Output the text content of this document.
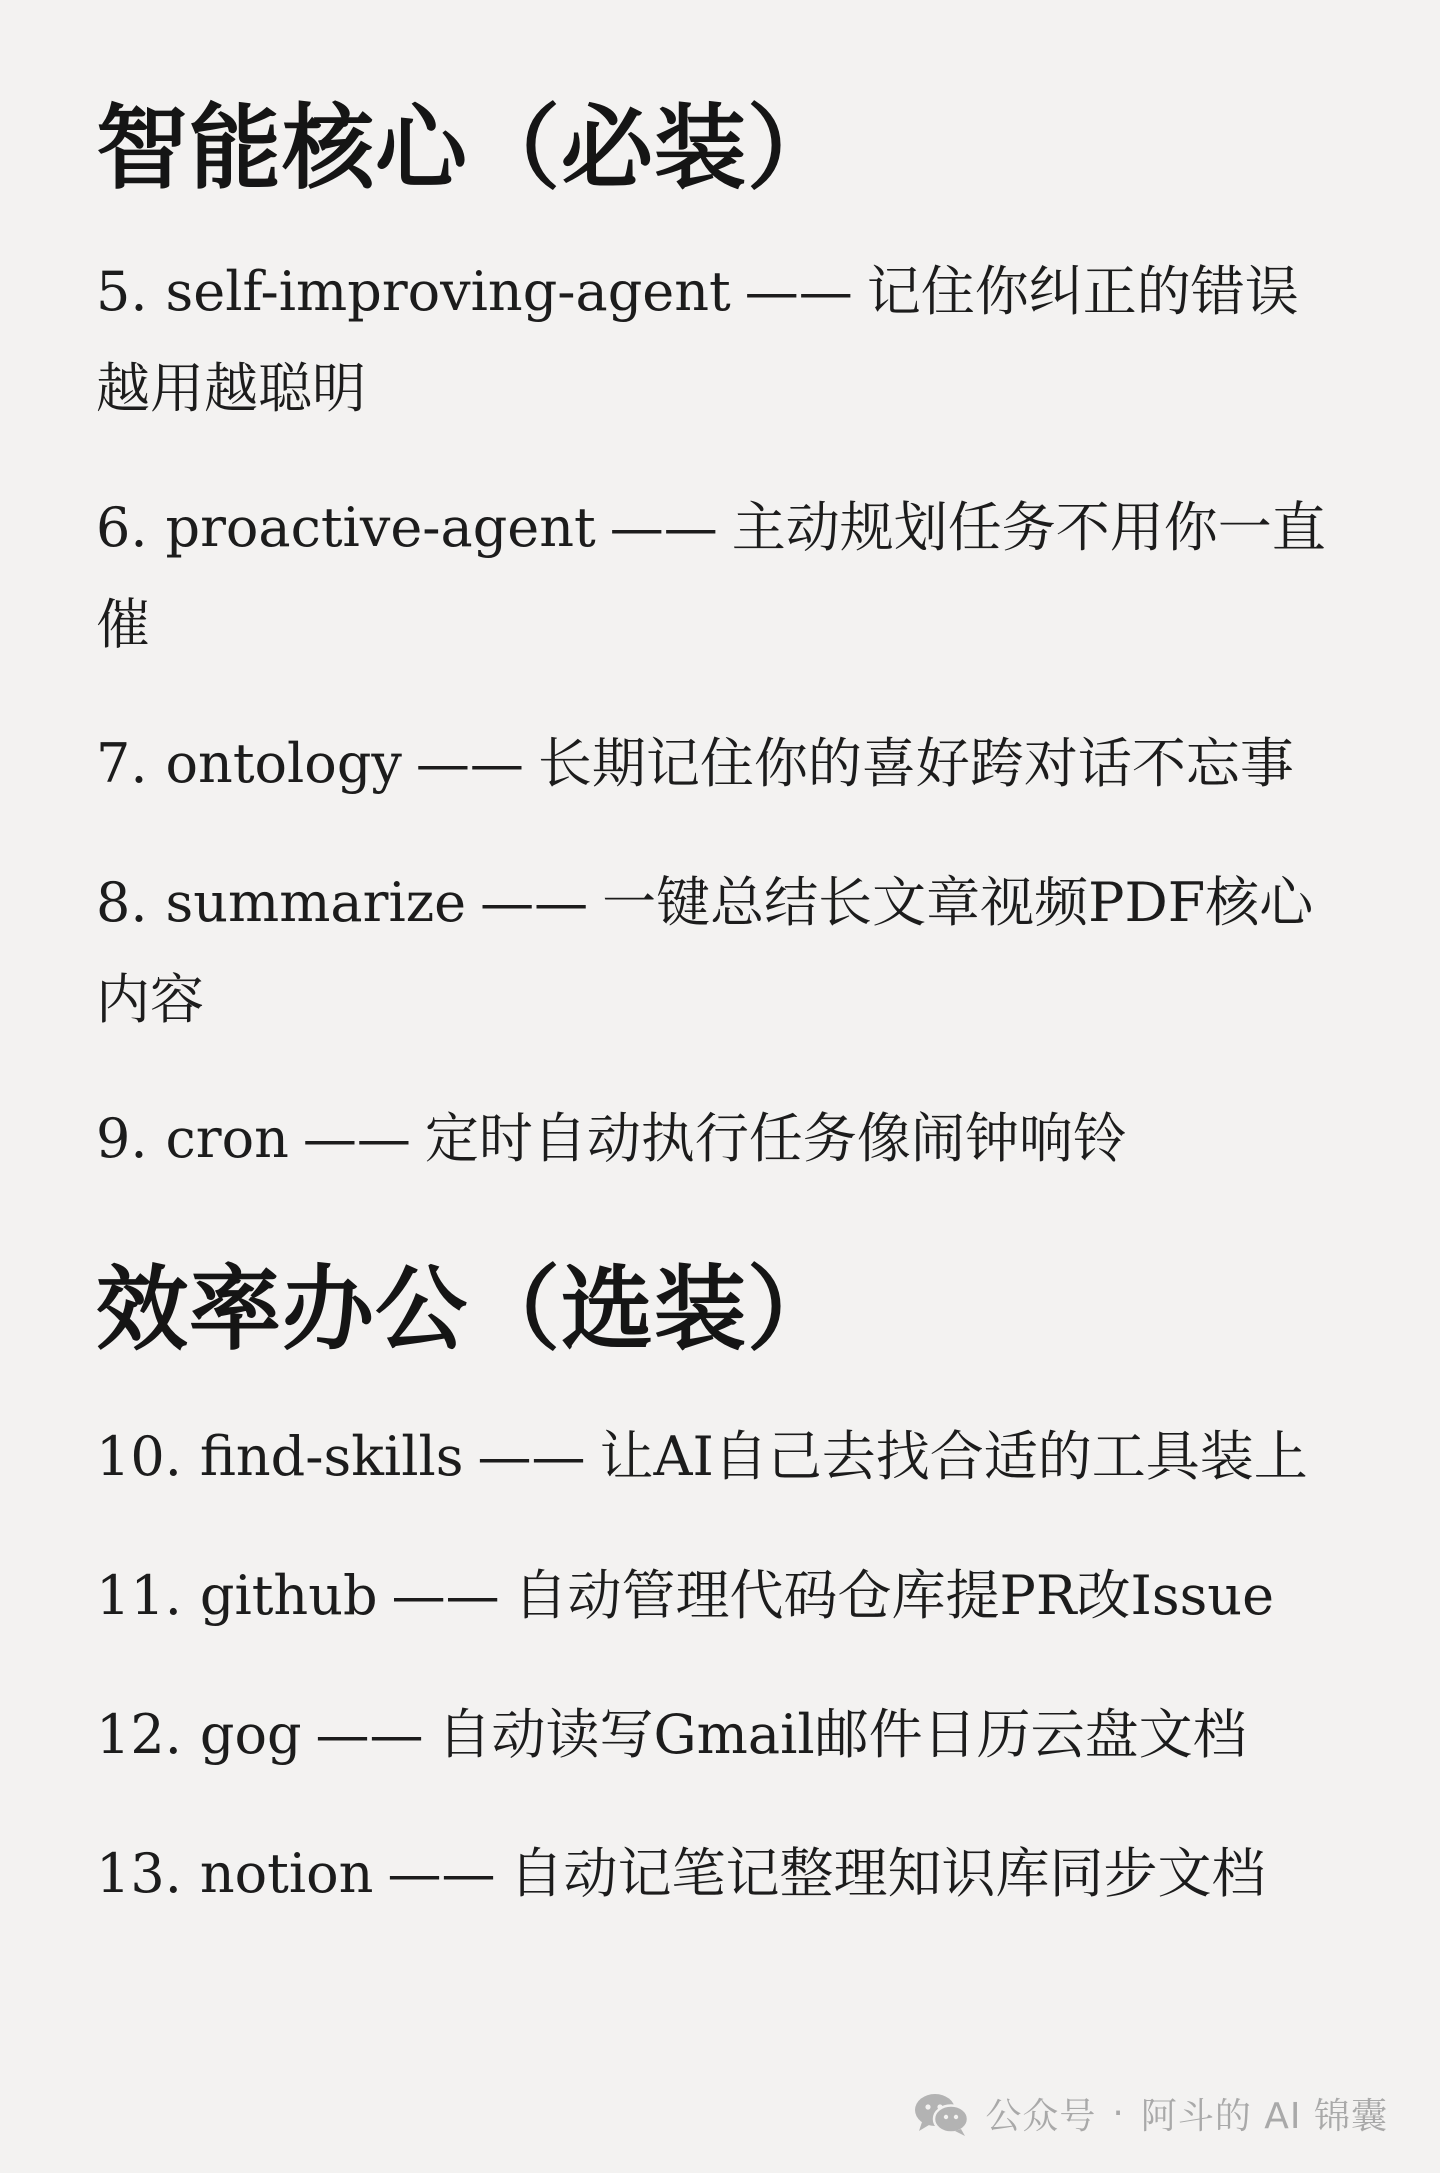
智能核心（必装）
5. self-improving-agent —— 记住你纠正的错误越用越聪明
6. proactive-agent —— 主动规划任务不用你一直催
7. ontology —— 长期记住你的喜好跨对话不忘事
8. summarize —— 一键总结长文章视频PDF核心内容
9. cron —— 定时自动执行任务像闹钟响铃
效率办公（选装）
10. find-skills —— 让AI自己去找合适的工具装上
11. github —— 自动管理代码仓库提PR改Issue
12. gog —— 自动读写Gmail邮件日历云盘文档
13. notion —— 自动记笔记整理知识库同步文档
公众号 · 阿斗的 AI 锦囊
